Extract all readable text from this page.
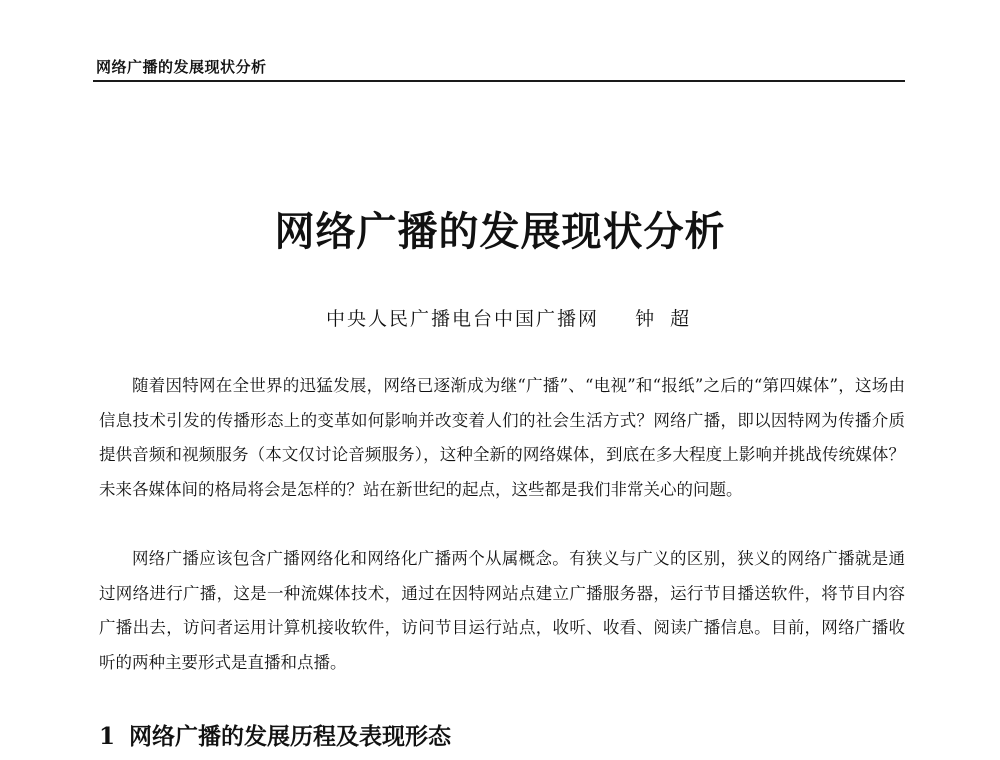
网络广播的发展现状分析
网络广播的发展现状分析
中央人民广播电台中国广播网 钟超

随着因特网在全世界的迅猛发展，网络已逐渐成为继“广播”、“电视”和“报纸”之后的“第四媒体”，这场由信息技术引发的传播形态上的变革如何影响并改变着人们的社会生活方式？网络广播，即以因特网为传播介质提供音频和视频服务（本文仅讨论音频服务），这种全新的网络媒体，到底在多大程度上影响并挑战传统媒体？未来各媒体间的格局将会是怎样的？站在新世纪的起点，这些都是我们非常关心的问题。

网络广播应该包含广播网络化和网络化广播两个从属概念。有狭义与广义的区别，狭义的网络广播就是通过网络进行广播，这是一种流媒体技术，通过在因特网站点建立广播服务器，运行节目播送软件，将节目内容广播出去，访问者运用计算机接收软件，访问节目运行站点，收听、收看、阅读广播信息。目前，网络广播收听的两种主要形式是直播和点播。

1 网络广播的发展历程及表现形态
